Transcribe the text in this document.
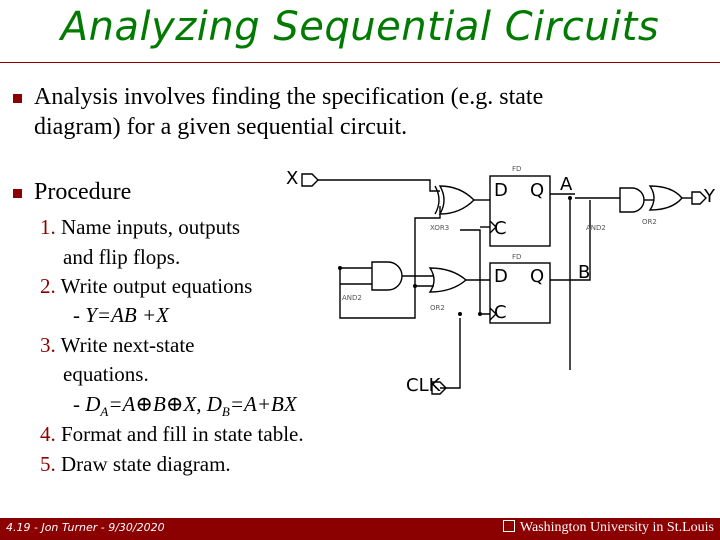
Analyzing Sequential Circuits
Analysis involves finding the specification (e.g. state
diagram) for a given sequential circuit.
Procedure
1. Name inputs, outputs
and flip flops.
2. Write output equations
- Y=AB +X
3. Write next-state
equations.
- $D_A=A\oplus B\oplus X$, $D_B=A+BX$
4. Format and fill in state table.
5. Draw state diagram.
X
CLK
Y
D Q
C
D Q
C
A
B
FD
FD
XOR3	AND2
OR2
AND2
OR2
4.19 - Jon Turner - 9/30/2020	Washington University in St.Louis
